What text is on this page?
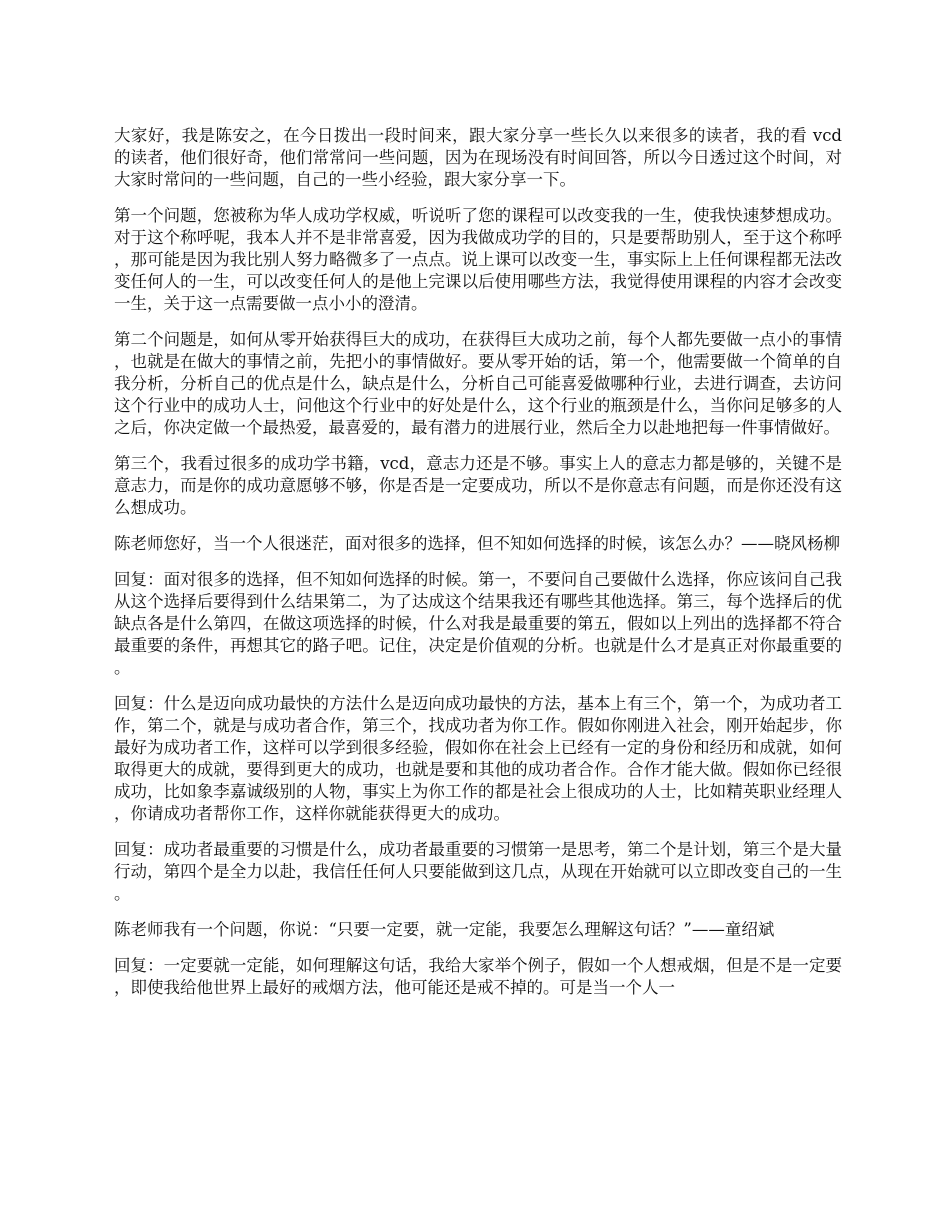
大家好，我是陈安之，在今日拨出一段时间来，跟大家分享一些长久以来很多的读者，我的看 vcd 的读者，他们很好奇，他们常常问一些问题，因为在现场没有时间回答，所以今日透过这个时间，对大家时常问的一些问题，自己的一些小经验，跟大家分享一下。

第一个问题，您被称为华人成功学权威，听说听了您的课程可以改变我的一生，使我快速梦想成功。对于这个称呼呢，我本人并不是非常喜爱，因为我做成功学的目的，只是要帮助别人，至于这个称呼，那可能是因为我比别人努力略微多了一点点。说上课可以改变一生，事实际上上任何课程都无法改变任何人的一生，可以改变任何人的是他上完课以后使用哪些方法，我觉得使用课程的内容才会改变一生，关于这一点需要做一点小小的澄清。

第二个问题是，如何从零开始获得巨大的成功，在获得巨大成功之前，每个人都先要做一点小的事情，也就是在做大的事情之前，先把小的事情做好。要从零开始的话，第一个，他需要做一个简单的自我分析，分析自己的优点是什么，缺点是什么，分析自己可能喜爱做哪种行业，去进行调查，去访问这个行业中的成功人士，问他这个行业中的好处是什么，这个行业的瓶颈是什么，当你问足够多的人之后，你决定做一个最热爱，最喜爱的，最有潜力的进展行业，然后全力以赴地把每一件事情做好。

第三个，我看过很多的成功学书籍，vcd，意志力还是不够。事实上人的意志力都是够的，关键不是意志力，而是你的成功意愿够不够，你是否是一定要成功，所以不是你意志有问题，而是你还没有这么想成功。

陈老师您好，当一个人很迷茫，面对很多的选择，但不知如何选择的时候，该怎么办？——晓风杨柳

回复：面对很多的选择，但不知如何选择的时候。第一，不要问自己要做什么选择，你应该问自己我从这个选择后要得到什么结果第二，为了达成这个结果我还有哪些其他选择。第三，每个选择后的优缺点各是什么第四，在做这项选择的时候，什么对我是最重要的第五，假如以上列出的选择都不符合最重要的条件，再想其它的路子吧。记住，决定是价值观的分析。也就是什么才是真正对你最重要的。

回复：什么是迈向成功最快的方法什么是迈向成功最快的方法，基本上有三个，第一个，为成功者工作，第二个，就是与成功者合作，第三个，找成功者为你工作。假如你刚进入社会，刚开始起步，你最好为成功者工作，这样可以学到很多经验，假如你在社会上已经有一定的身份和经历和成就，如何取得更大的成就，要得到更大的成功，也就是要和其他的成功者合作。合作才能大做。假如你已经很成功，比如象李嘉诚级别的人物，事实上为你工作的都是社会上很成功的人士，比如精英职业经理人，你请成功者帮你工作，这样你就能获得更大的成功。

回复：成功者最重要的习惯是什么，成功者最重要的习惯第一是思考，第二个是计划，第三个是大量行动，第四个是全力以赴，我信任任何人只要能做到这几点，从现在开始就可以立即改变自己的一生。

陈老师我有一个问题，你说：“只要一定要，就一定能，我要怎么理解这句话？”——童绍斌

回复：一定要就一定能，如何理解这句话，我给大家举个例子，假如一个人想戒烟，但是不是一定要，即使我给他世界上最好的戒烟方法，他可能还是戒不掉的。可是当一个人一
